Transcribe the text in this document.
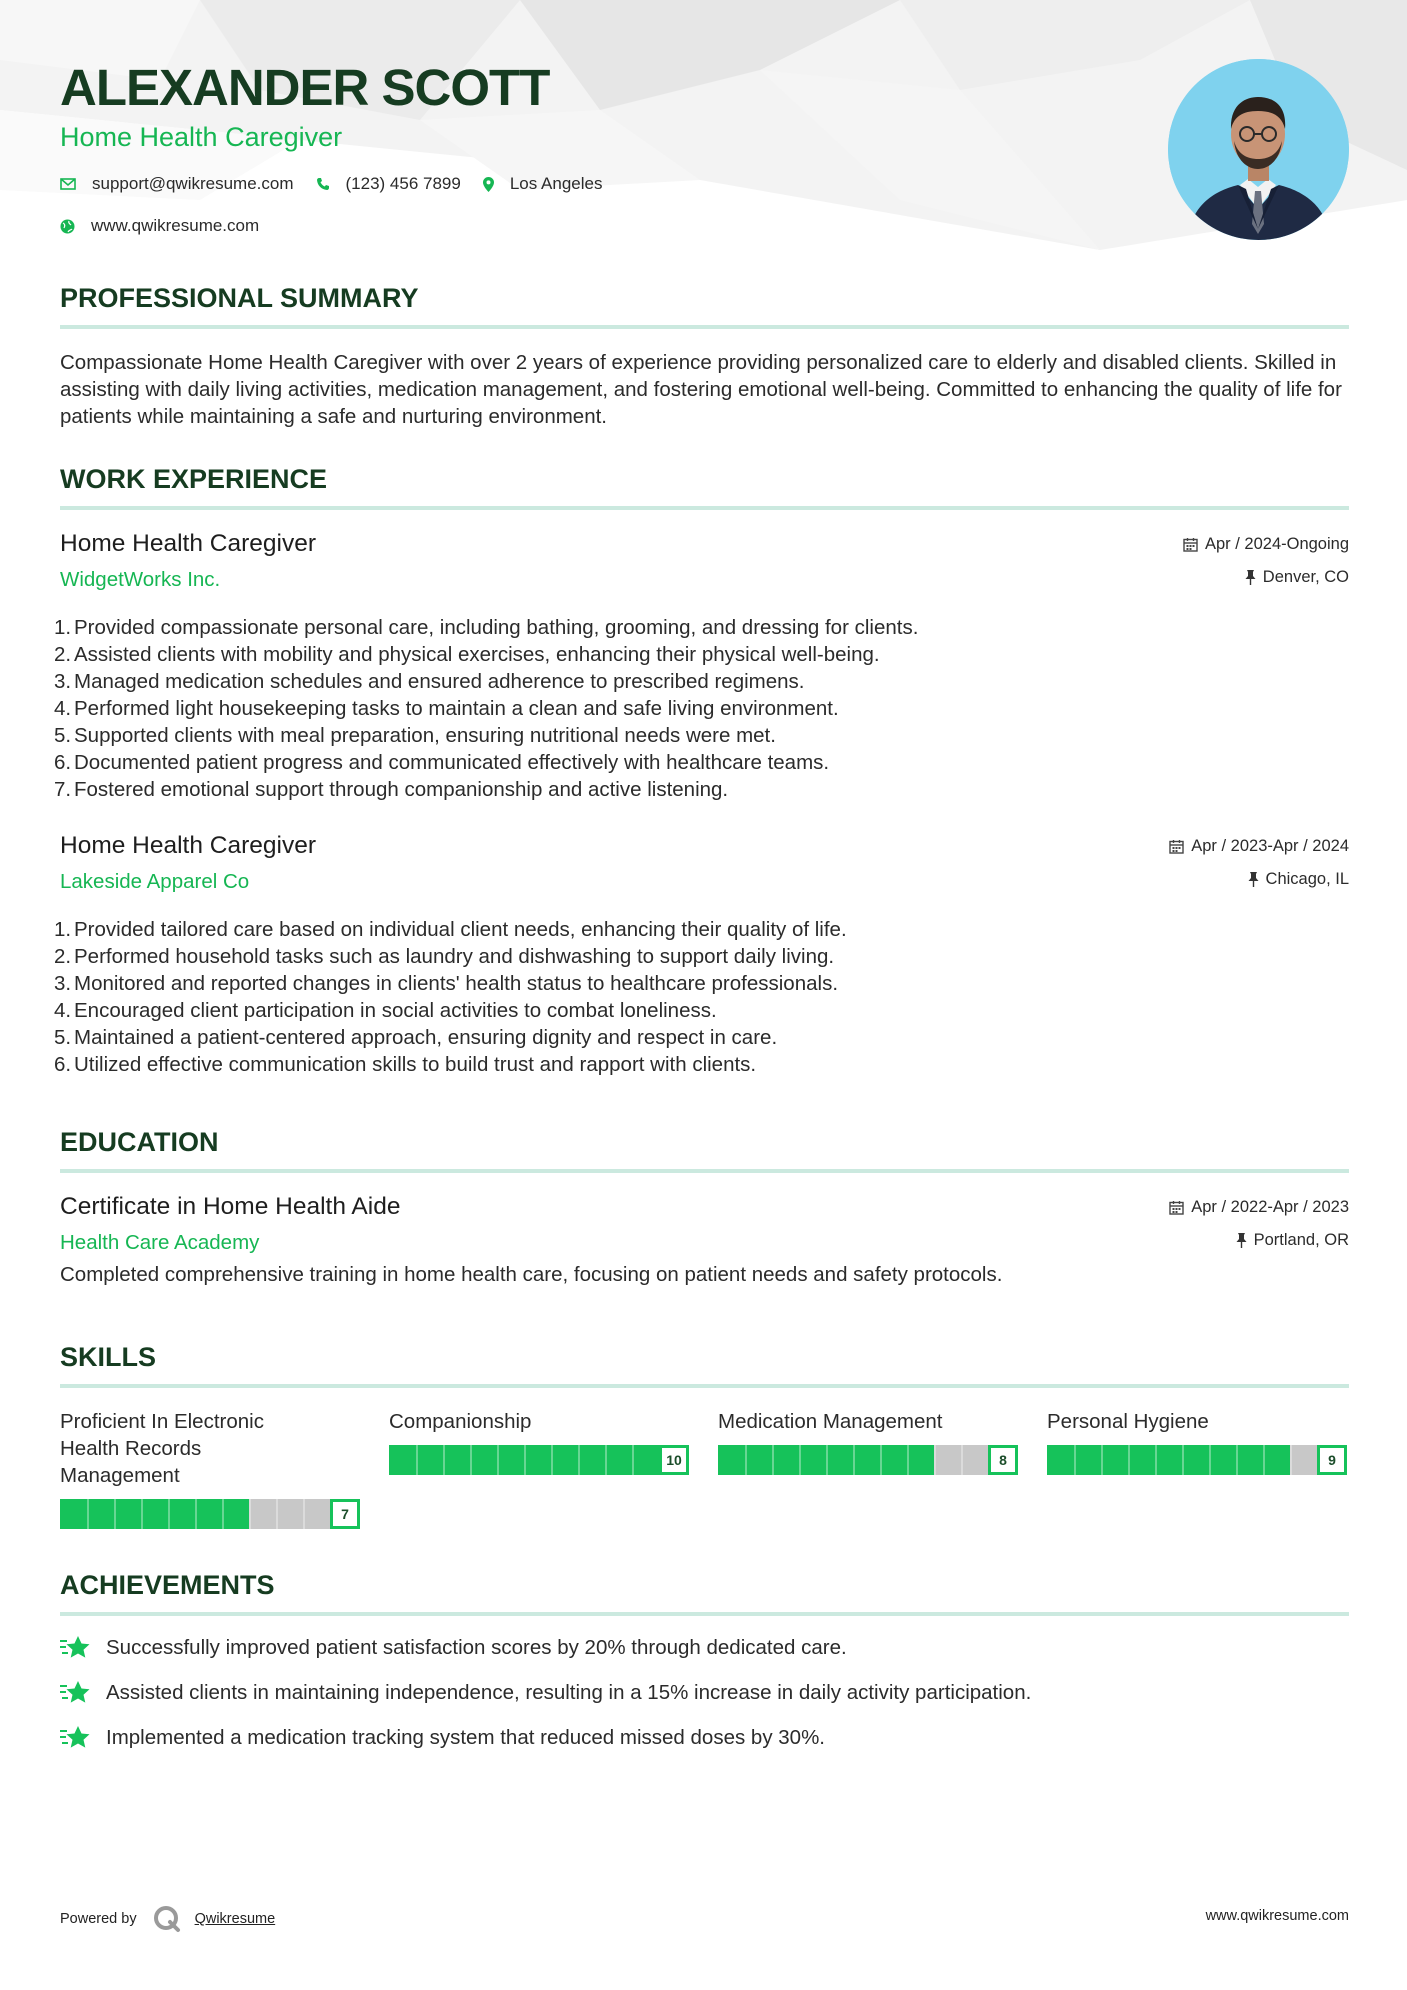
ALEXANDER SCOTT
Home Health Caregiver
support@qwikresume.com	(123) 456 7899	Los Angeles
www.qwikresume.com
PROFESSIONAL SUMMARY
Compassionate Home Health Caregiver with over 2 years of experience providing personalized care to elderly and disabled clients. Skilled in assisting with daily living activities, medication management, and fostering emotional well-being. Committed to enhancing the quality of life for patients while maintaining a safe and nurturing environment.
WORK EXPERIENCE
Home Health Caregiver
WidgetWorks Inc.
Apr / 2024-Ongoing
Denver, CO
1. Provided compassionate personal care, including bathing, grooming, and dressing for clients.
2. Assisted clients with mobility and physical exercises, enhancing their physical well-being.
3. Managed medication schedules and ensured adherence to prescribed regimens.
4. Performed light housekeeping tasks to maintain a clean and safe living environment.
5. Supported clients with meal preparation, ensuring nutritional needs were met.
6. Documented patient progress and communicated effectively with healthcare teams.
7. Fostered emotional support through companionship and active listening.
Home Health Caregiver
Lakeside Apparel Co
Apr / 2023-Apr / 2024
Chicago, IL
1. Provided tailored care based on individual client needs, enhancing their quality of life.
2. Performed household tasks such as laundry and dishwashing to support daily living.
3. Monitored and reported changes in clients' health status to healthcare professionals.
4. Encouraged client participation in social activities to combat loneliness.
5. Maintained a patient-centered approach, ensuring dignity and respect in care.
6. Utilized effective communication skills to build trust and rapport with clients.
EDUCATION
Certificate in Home Health Aide
Health Care Academy
Apr / 2022-Apr / 2023
Portland, OR
Completed comprehensive training in home health care, focusing on patient needs and safety protocols.
SKILLS
Proficient In Electronic Health Records Management
7
Companionship
10
Medication Management
8
Personal Hygiene
9
ACHIEVEMENTS
Successfully improved patient satisfaction scores by 20% through dedicated care.
Assisted clients in maintaining independence, resulting in a 15% increase in daily activity participation.
Implemented a medication tracking system that reduced missed doses by 30%.
Powered by	Qwikresume	www.qwikresume.com
